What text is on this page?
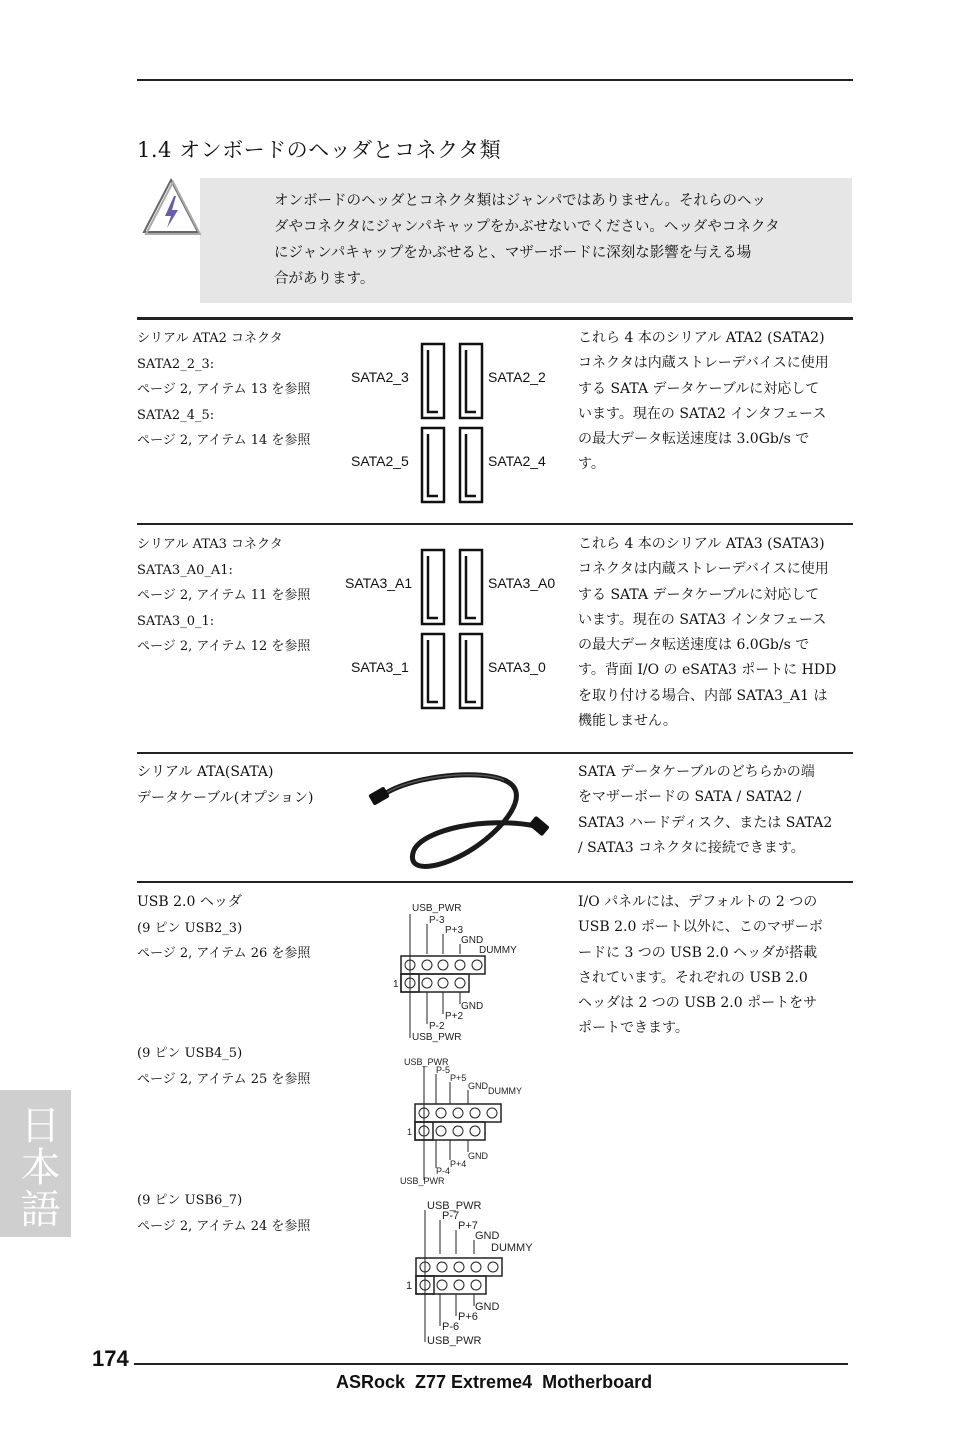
1.4 オンボードのヘッダとコネクタ類
オンボードのヘッダとコネクタ類はジャンパではありません。それらのヘッ
ダやコネクタにジャンパキャップをかぶせないでください。ヘッダやコネクタ
にジャンパキャップをかぶせると、マザーボードに深刻な影響を与える場
合があります。
シリアル ATA2 コネクタ
SATA2_2_3:
ページ 2, アイテム 13 を参照
SATA2_4_5:
ページ 2, アイテム 14 を参照
SATA2_3	SATA2_2
SATA2_5	SATA2_4
これら 4 本のシリアル ATA2 (SATA2)
コネクタは内蔵ストレーデバイスに使用
する SATA データケーブルに対応して
います。現在の SATA2 インタフェース
の最大データ転送速度は 3.0Gb/s で
す。
シリアル ATA3 コネクタ
SATA3_A0_A1:
ページ 2, アイテム 11 を参照
SATA3_0_1:
ページ 2, アイテム 12 を参照
SATA3_A1	SATA3_A0
SATA3_1	SATA3_0
これら 4 本のシリアル ATA3 (SATA3)
コネクタは内蔵ストレーデバイスに使用
する SATA データケーブルに対応して
います。現在の SATA3 インタフェース
の最大データ転送速度は 6.0Gb/s で
す。背面 I/O の eSATA3 ポートに HDD
を取り付ける場合、内部 SATA3_A1 は
機能しません。
シリアル ATA(SATA)
データケーブル(オプション)
SATA データケーブルのどちらかの端
をマザーボードの SATA / SATA2 /
SATA3 ハードディスク、または SATA2
/ SATA3 コネクタに接続できます。
USB 2.0 ヘッダ
(9 ピン USB2_3)
ページ 2, アイテム 26 を参照
(9 ピン USB4_5)
ページ 2, アイテム 25 を参照
(9 ピン USB6_7)
ページ 2, アイテム 24 を参照
I/O パネルには、デフォルトの 2 つの
USB 2.0 ポート以外に、このマザーボ
ードに 3 つの USB 2.0 ヘッダが搭載
されています。それぞれの USB 2.0
ヘッダは 2 つの USB 2.0 ポートをサ
ポートできます。
USB_PWR
P-3
P+3
GND
DUMMY
1
GND
P+2
P-2
USB_PWR
USB_PWR
P-5
P+5
GND DUMMY
1
GND
P+4
P-4
USB_PWR
USB_PWR
P-7
P+7
GND
DUMMY
1
GND
P+6
P-6
USB_PWR
日本語
174
ASRock  Z77 Extreme4  Motherboard
